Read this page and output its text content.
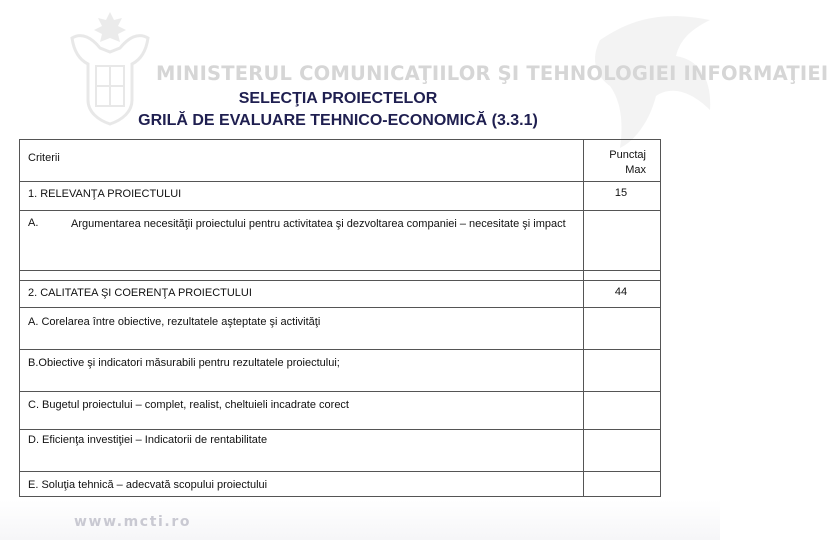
MINISTERUL COMUNICAŢIILOR ŞI TEHNOLOGIEI INFORMAŢIEI
SELECŢIA PROIECTELOR
GRILĂ DE EVALUARE TEHNICO-ECONOMICĂ (3.3.1)
Criterii	Punctaj
Max
1. RELEVANŢA PROIECTULUI	15
A.	Argumentarea necesităţii proiectului pentru activitatea şi dezvoltarea companiei – necesitate şi impact
2. CALITATEA ŞI COERENŢA PROIECTULUI	44
A. Corelarea între obiective, rezultatele aşteptate şi activităţi
B.Obiective şi indicatori măsurabili pentru rezultatele proiectului;
C. Bugetul proiectului – complet, realist, cheltuieli incadrate corect
D. Eficienţa investiţiei – Indicatorii de rentabilitate
E. Soluţia tehnică – adecvată scopului proiectului
www.mcti.ro
